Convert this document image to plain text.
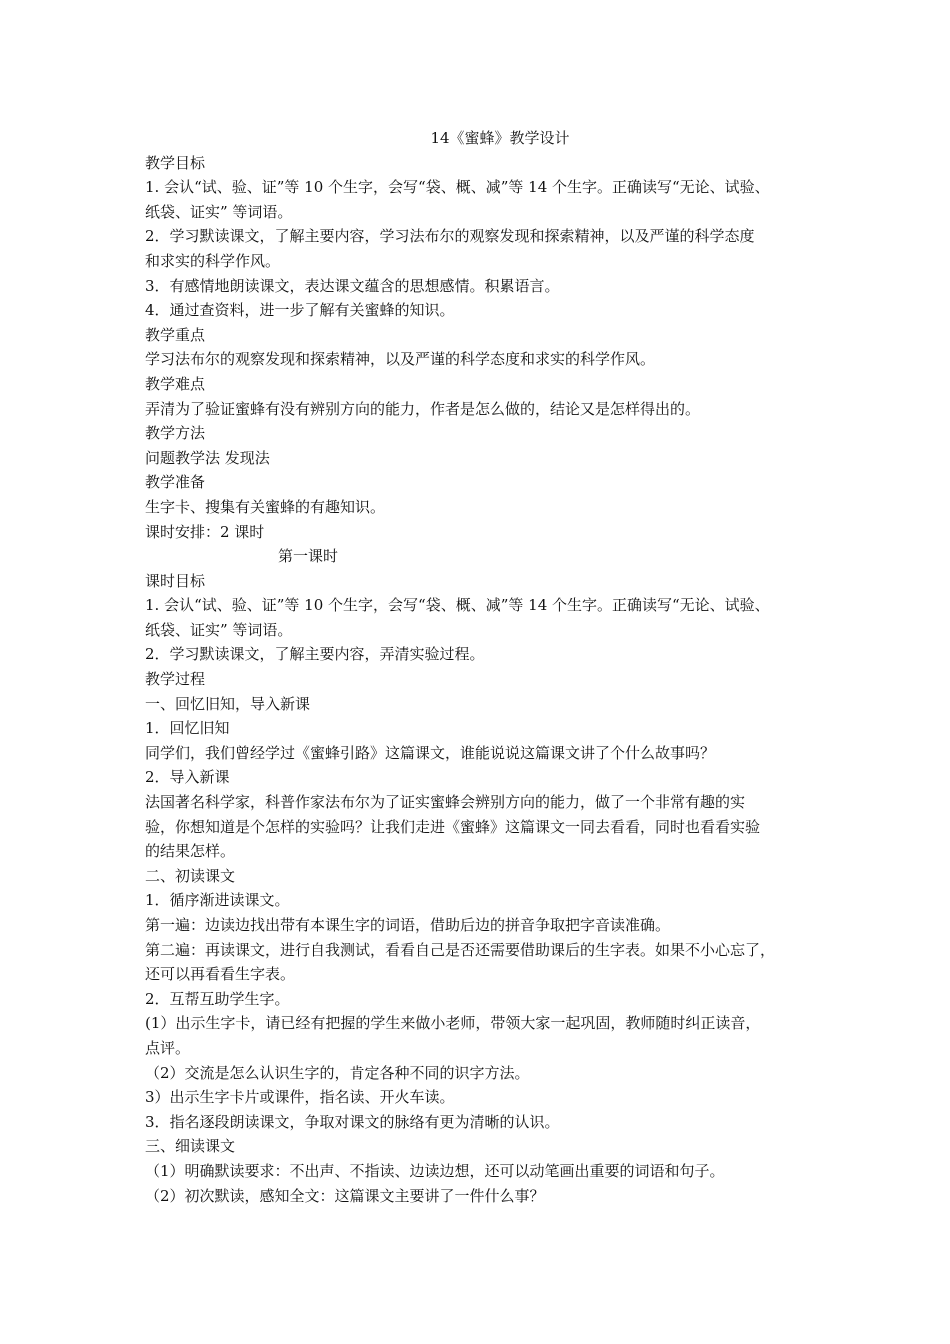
14《蜜蜂》教学设计
教学目标
1. 会认“试、验、证”等 10 个生字，会写“袋、概、减”等 14 个生字。正确读写“无论、试验、
纸袋、证实” 等词语。
2．学习默读课文，了解主要内容，学习法布尔的观察发现和探索精神，以及严谨的科学态度
和求实的科学作风。
3．有感情地朗读课文，表达课文蕴含的思想感情。积累语言。
4．通过查资料，进一步了解有关蜜蜂的知识。
教学重点
学习法布尔的观察发现和探索精神，以及严谨的科学态度和求实的科学作风。
教学难点
弄清为了验证蜜蜂有没有辨别方向的能力，作者是怎么做的，结论又是怎样得出的。
教学方法
问题教学法 发现法
教学准备
生字卡、搜集有关蜜蜂的有趣知识。
课时安排：2 课时
第一课时
课时目标
1. 会认“试、验、证”等 10 个生字，会写“袋、概、减”等 14 个生字。正确读写“无论、试验、
纸袋、证实” 等词语。
2．学习默读课文，了解主要内容，弄清实验过程。
教学过程
一、回忆旧知，导入新课
1．回忆旧知
同学们，我们曾经学过《蜜蜂引路》这篇课文，谁能说说这篇课文讲了个什么故事吗？
2．导入新课
法国著名科学家，科普作家法布尔为了证实蜜蜂会辨别方向的能力，做了一个非常有趣的实
验，你想知道是个怎样的实验吗？让我们走进《蜜蜂》这篇课文一同去看看，同时也看看实验
的结果怎样。
二、初读课文
1．循序渐进读课文。
第一遍：边读边找出带有本课生字的词语，借助后边的拼音争取把字音读准确。
第二遍：再读课文，进行自我测试，看看自己是否还需要借助课后的生字表。如果不小心忘了，
还可以再看看生字表。
2．互帮互助学生字。
(1）出示生字卡，请已经有把握的学生来做小老师，带领大家一起巩固，教师随时纠正读音，
点评。
（2）交流是怎么认识生字的，肯定各种不同的识字方法。
3）出示生字卡片或课件，指名读、开火车读。
3．指名逐段朗读课文，争取对课文的脉络有更为清晰的认识。
三、细读课文
（1）明确默读要求：不出声、不指读、边读边想，还可以动笔画出重要的词语和句子。
（2）初次默读，感知全文：这篇课文主要讲了一件什么事？
